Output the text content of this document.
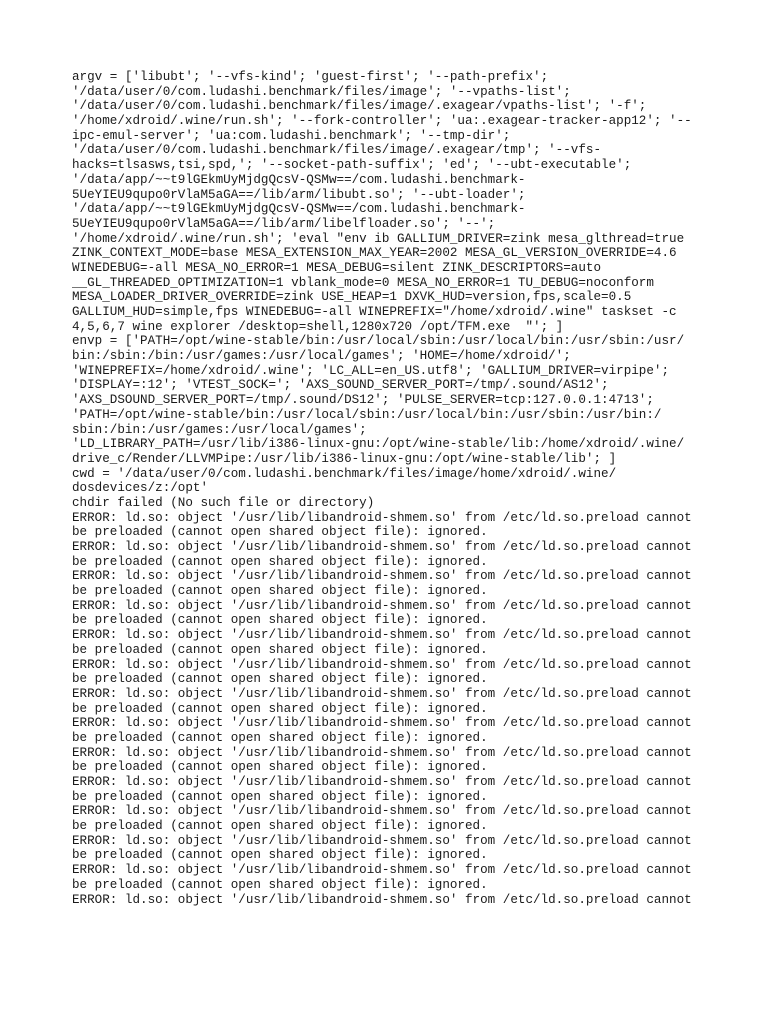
argv = ['libubt'; '--vfs-kind'; 'guest-first'; '--path-prefix';
'/data/user/0/com.ludashi.benchmark/files/image'; '--vpaths-list';
'/data/user/0/com.ludashi.benchmark/files/image/.exagear/vpaths-list'; '-f';
'/home/xdroid/.wine/run.sh'; '--fork-controller'; 'ua:.exagear-tracker-app12'; '--
ipc-emul-server'; 'ua:com.ludashi.benchmark'; '--tmp-dir';
'/data/user/0/com.ludashi.benchmark/files/image/.exagear/tmp'; '--vfs-
hacks=tlsasws,tsi,spd,'; '--socket-path-suffix'; 'ed'; '--ubt-executable';
'/data/app/~~t9lGEkmUyMjdgQcsV-QSMw==/com.ludashi.benchmark-
5UeYIEU9qupo0rVlaM5aGA==/lib/arm/libubt.so'; '--ubt-loader';
'/data/app/~~t9lGEkmUyMjdgQcsV-QSMw==/com.ludashi.benchmark-
5UeYIEU9qupo0rVlaM5aGA==/lib/arm/libelfloader.so'; '--';
'/home/xdroid/.wine/run.sh'; 'eval "env ib GALLIUM_DRIVER=zink mesa_glthread=true
ZINK_CONTEXT_MODE=base MESA_EXTENSION_MAX_YEAR=2002 MESA_GL_VERSION_OVERRIDE=4.6
WINEDEBUG=-all MESA_NO_ERROR=1 MESA_DEBUG=silent ZINK_DESCRIPTORS=auto
__GL_THREADED_OPTIMIZATION=1 vblank_mode=0 MESA_NO_ERROR=1 TU_DEBUG=noconform
MESA_LOADER_DRIVER_OVERRIDE=zink USE_HEAP=1 DXVK_HUD=version,fps,scale=0.5
GALLIUM_HUD=simple,fps WINEDEBUG=-all WINEPREFIX="/home/xdroid/.wine" taskset -c
4,5,6,7 wine explorer /desktop=shell,1280x720 /opt/TFM.exe  "'; ]
envp = ['PATH=/opt/wine-stable/bin:/usr/local/sbin:/usr/local/bin:/usr/sbin:/usr/
bin:/sbin:/bin:/usr/games:/usr/local/games'; 'HOME=/home/xdroid/';
'WINEPREFIX=/home/xdroid/.wine'; 'LC_ALL=en_US.utf8'; 'GALLIUM_DRIVER=virpipe';
'DISPLAY=:12'; 'VTEST_SOCK='; 'AXS_SOUND_SERVER_PORT=/tmp/.sound/AS12';
'AXS_DSOUND_SERVER_PORT=/tmp/.sound/DS12'; 'PULSE_SERVER=tcp:127.0.0.1:4713';
'PATH=/opt/wine-stable/bin:/usr/local/sbin:/usr/local/bin:/usr/sbin:/usr/bin:/
sbin:/bin:/usr/games:/usr/local/games';
'LD_LIBRARY_PATH=/usr/lib/i386-linux-gnu:/opt/wine-stable/lib:/home/xdroid/.wine/
drive_c/Render/LLVMPipe:/usr/lib/i386-linux-gnu:/opt/wine-stable/lib'; ]
cwd = '/data/user/0/com.ludashi.benchmark/files/image/home/xdroid/.wine/
dosdevices/z:/opt'
chdir failed (No such file or directory)
ERROR: ld.so: object '/usr/lib/libandroid-shmem.so' from /etc/ld.so.preload cannot
be preloaded (cannot open shared object file): ignored.
ERROR: ld.so: object '/usr/lib/libandroid-shmem.so' from /etc/ld.so.preload cannot
be preloaded (cannot open shared object file): ignored.
ERROR: ld.so: object '/usr/lib/libandroid-shmem.so' from /etc/ld.so.preload cannot
be preloaded (cannot open shared object file): ignored.
ERROR: ld.so: object '/usr/lib/libandroid-shmem.so' from /etc/ld.so.preload cannot
be preloaded (cannot open shared object file): ignored.
ERROR: ld.so: object '/usr/lib/libandroid-shmem.so' from /etc/ld.so.preload cannot
be preloaded (cannot open shared object file): ignored.
ERROR: ld.so: object '/usr/lib/libandroid-shmem.so' from /etc/ld.so.preload cannot
be preloaded (cannot open shared object file): ignored.
ERROR: ld.so: object '/usr/lib/libandroid-shmem.so' from /etc/ld.so.preload cannot
be preloaded (cannot open shared object file): ignored.
ERROR: ld.so: object '/usr/lib/libandroid-shmem.so' from /etc/ld.so.preload cannot
be preloaded (cannot open shared object file): ignored.
ERROR: ld.so: object '/usr/lib/libandroid-shmem.so' from /etc/ld.so.preload cannot
be preloaded (cannot open shared object file): ignored.
ERROR: ld.so: object '/usr/lib/libandroid-shmem.so' from /etc/ld.so.preload cannot
be preloaded (cannot open shared object file): ignored.
ERROR: ld.so: object '/usr/lib/libandroid-shmem.so' from /etc/ld.so.preload cannot
be preloaded (cannot open shared object file): ignored.
ERROR: ld.so: object '/usr/lib/libandroid-shmem.so' from /etc/ld.so.preload cannot
be preloaded (cannot open shared object file): ignored.
ERROR: ld.so: object '/usr/lib/libandroid-shmem.so' from /etc/ld.so.preload cannot
be preloaded (cannot open shared object file): ignored.
ERROR: ld.so: object '/usr/lib/libandroid-shmem.so' from /etc/ld.so.preload cannot
